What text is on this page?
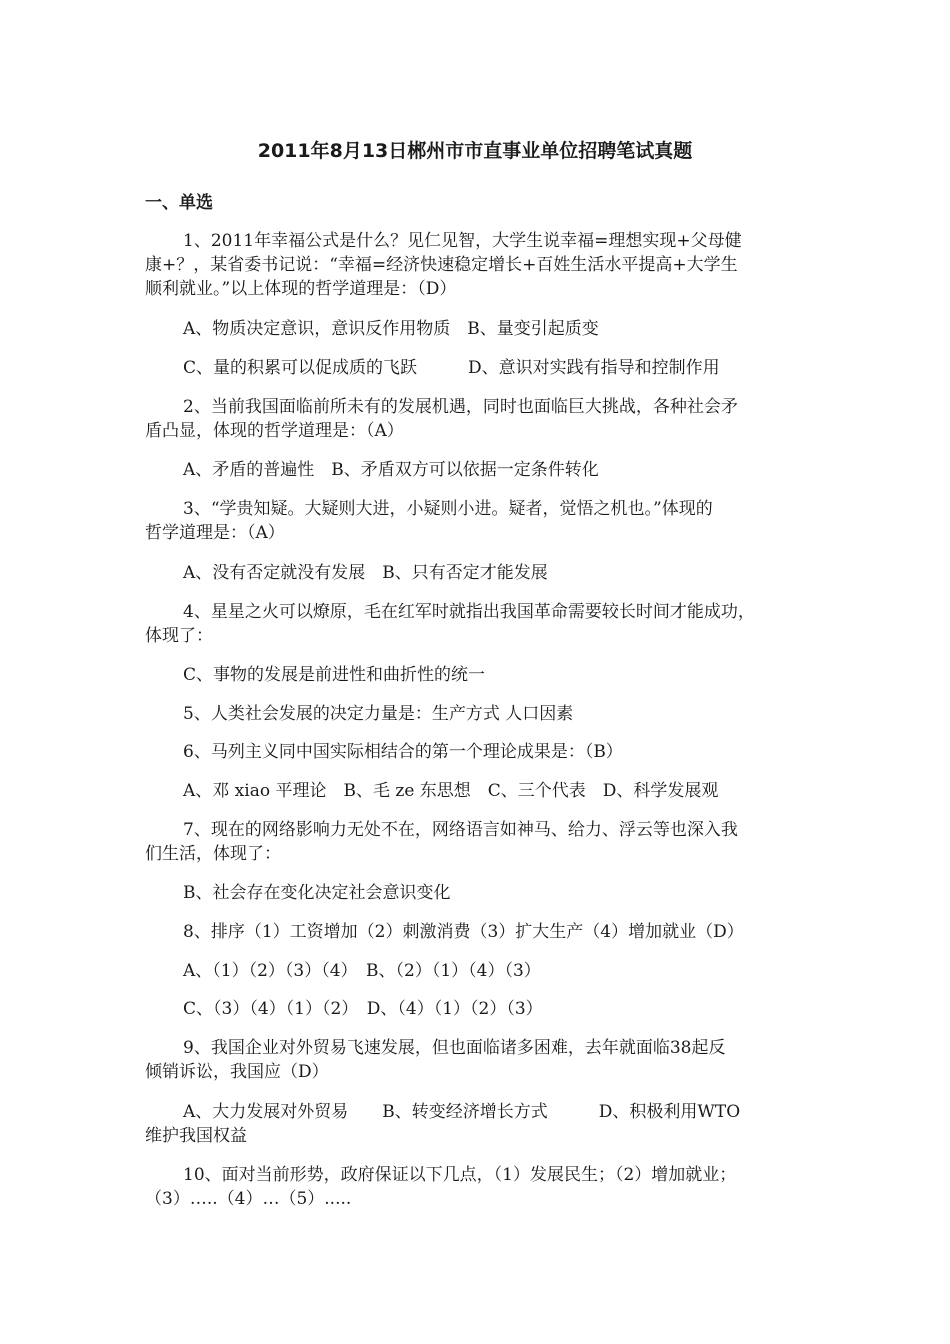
2011年8月13日郴州市市直事业单位招聘笔试真题
一、单选
1、2011年幸福公式是什么？见仁见智，大学生说幸福=理想实现+父母健
康+？，某省委书记说：“幸福=经济快速稳定增长+百姓生活水平提高+大学生
顺利就业。”以上体现的哲学道理是：（D）
A、物质决定意识，意识反作用物质　B、量变引起质变
C、量的积累可以促成质的飞跃　　　D、意识对实践有指导和控制作用
2、当前我国面临前所未有的发展机遇，同时也面临巨大挑战，各种社会矛
盾凸显，体现的哲学道理是：（A）
A、矛盾的普遍性　B、矛盾双方可以依据一定条件转化
3、“学贵知疑。大疑则大进，小疑则小进。疑者，觉悟之机也。”体现的
哲学道理是：（A）
A、没有否定就没有发展　B、只有否定才能发展
4、星星之火可以燎原，毛在红军时就指出我国革命需要较长时间才能成功，
体现了：
C、事物的发展是前进性和曲折性的统一
5、人类社会发展的决定力量是：生产方式 人口因素
6、马列主义同中国实际相结合的第一个理论成果是：（B）
A、邓 xiao 平理论　B、毛 ze 东思想　C、三个代表　D、科学发展观
7、现在的网络影响力无处不在，网络语言如神马、给力、浮云等也深入我
们生活，体现了：
B、社会存在变化决定社会意识变化
8、排序（1）工资增加（2）刺激消费（3）扩大生产（4）增加就业（D）
A、（1）（2）（3）（4）　B、（2）（1）（4）（3）
C、（3）（4）（1）（2）　D、（4）（1）（2）（3）
9、我国企业对外贸易飞速发展，但也面临诸多困难，去年就面临38起反
倾销诉讼，我国应（D）
A、大力发展对外贸易　　B、转变经济增长方式　　　D、积极利用WTO
维护我国权益
10、面对当前形势，政府保证以下几点，（1）发展民生；（2）增加就业；
（3）…..（4）…（5）.....
